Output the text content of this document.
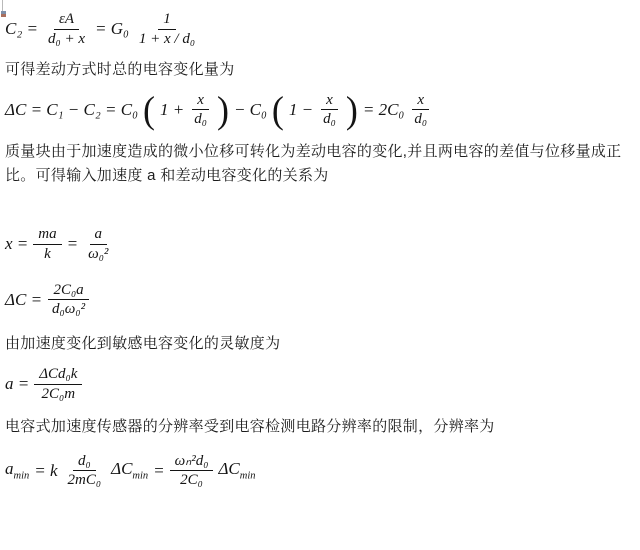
$C_2 = \frac{\varepsilon A}{\text{d₀ + x}} = G_0 \frac{1}{\text{1 + x / d₀}}$
可得差动方式时总的电容变化量为
ΔC = C₁ − C₂ = C₀ ( $1 + \frac{x}{\text{d₀}}$ ) − C₀ ( $1 - \frac{x}{\text{d₀}}$ ) = $2C_0 \frac{x}{\text{d₀}}$
质量块由于加速度造成的微小位移可转化为差动电容的变化,并且两电容的差值与位移量成正比。可得输入加速度 a 和差动电容变化的关系为
$x = \frac{ma}{k} = \frac{a}{\text{ω₀²}}$
$\Delta C = \frac{\text{2C₀a}}{\text{d₀ω₀²}}$
由加速度变化到敏感电容变化的灵敏度为
$a = \frac{\text{ΔCd₀k}}{\text{2C₀m}}$
电容式加速度传感器的分辨率受到电容检测电路分辨率的限制，分辨率为
$a_{min} = k \frac{\text{d₀}}{\text{2mC₀}} \Delta C_{min} = \frac{\text{ωₙ²d₀}}{\text{2C₀}} \Delta C_{min}$
